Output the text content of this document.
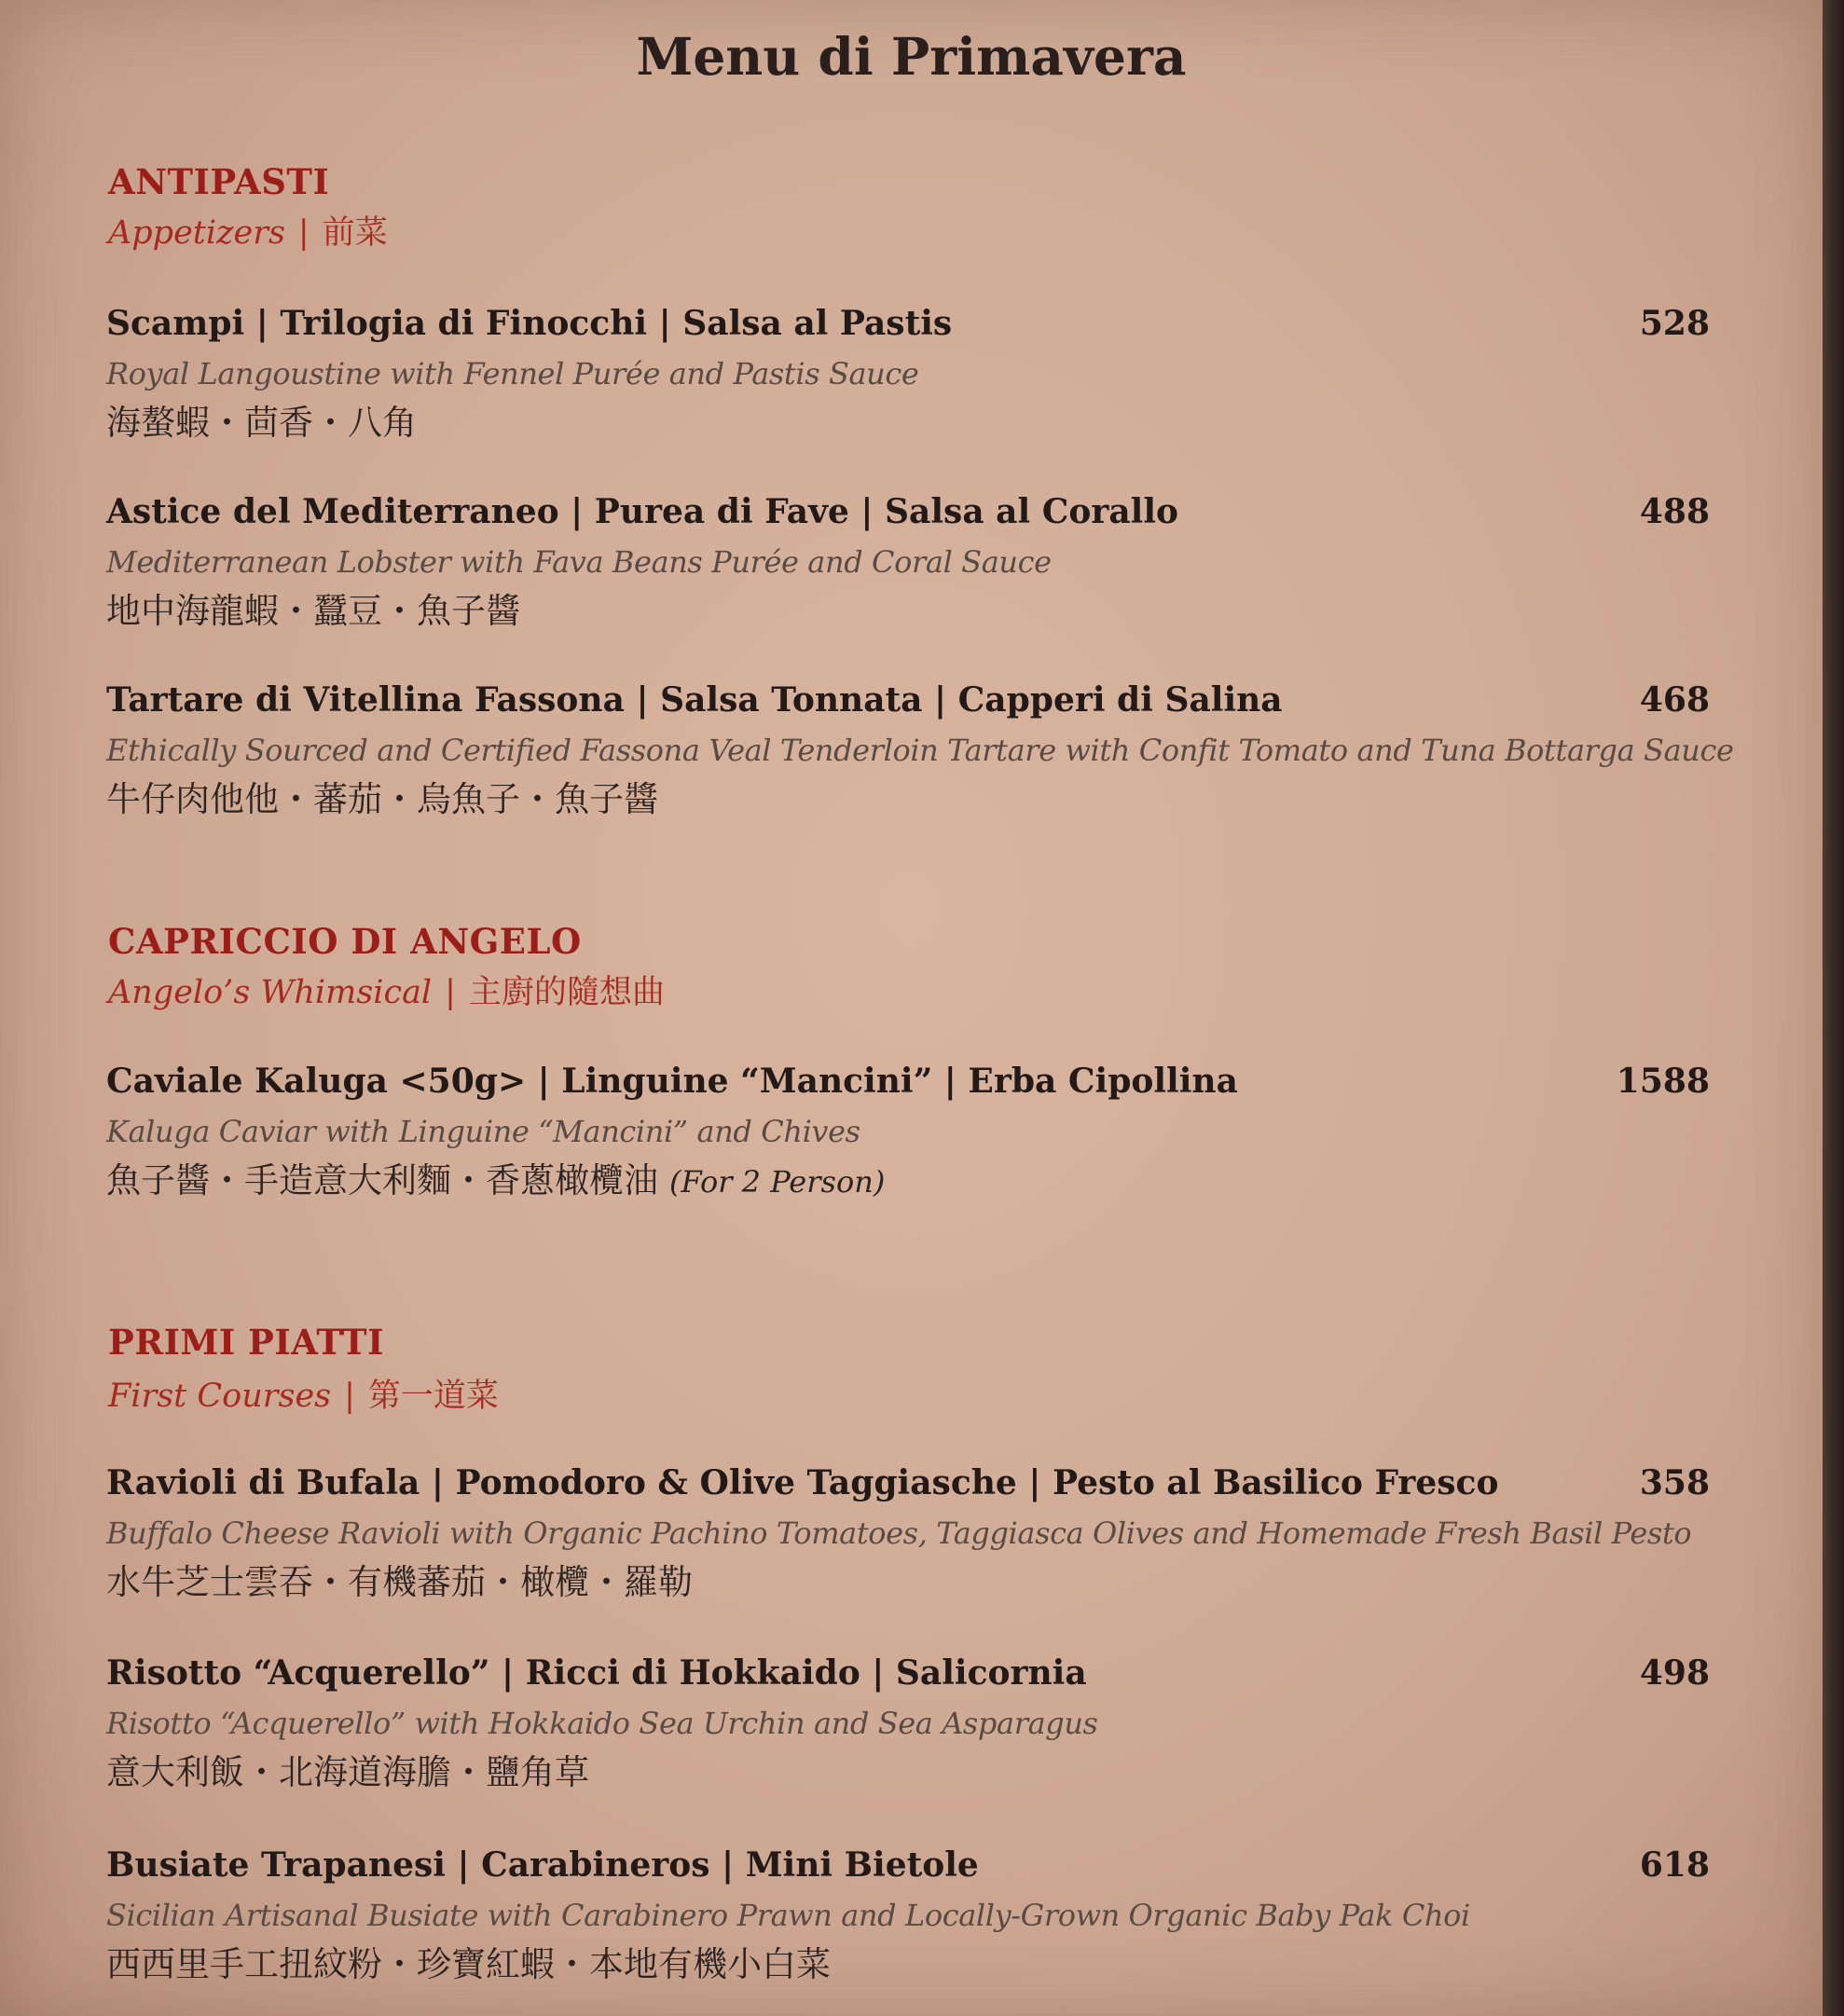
Menu di Primavera
ANTIPASTI
Appetizers | 前菜
Scampi | Trilogia di Finocchi | Salsa al Pastis
Royal Langoustine with Fennel Purée and Pastis Sauce
海螯蝦・茴香・八角
528
Astice del Mediterraneo | Purea di Fave | Salsa al Corallo
Mediterranean Lobster with Fava Beans Purée and Coral Sauce
地中海龍蝦・蠶豆・魚子醬
488
Tartare di Vitellina Fassona | Salsa Tonnata | Capperi di Salina
Ethically Sourced and Certified Fassona Veal Tenderloin Tartare with Confit Tomato and Tuna Bottarga Sauce
牛仔肉他他・蕃茄・烏魚子・魚子醬
468
CAPRICCIO DI ANGELO
Angelo’s Whimsical | 主廚的隨想曲
Caviale Kaluga <50g> | Linguine “Mancini” | Erba Cipollina
Kaluga Caviar with Linguine “Mancini” and Chives
魚子醬・手造意大利麵・香蔥橄欖油 (For 2 Person)
1588
PRIMI PIATTI
First Courses | 第一道菜
Ravioli di Bufala | Pomodoro & Olive Taggiasche | Pesto al Basilico Fresco
Buffalo Cheese Ravioli with Organic Pachino Tomatoes, Taggiasca Olives and Homemade Fresh Basil Pesto
水牛芝士雲吞・有機蕃茄・橄欖・羅勒
358
Risotto “Acquerello” | Ricci di Hokkaido | Salicornia
Risotto “Acquerello” with Hokkaido Sea Urchin and Sea Asparagus
意大利飯・北海道海膽・鹽角草
498
Busiate Trapanesi | Carabineros | Mini Bietole
Sicilian Artisanal Busiate with Carabinero Prawn and Locally-Grown Organic Baby Pak Choi
西西里手工扭紋粉・珍寶紅蝦・本地有機小白菜
618
